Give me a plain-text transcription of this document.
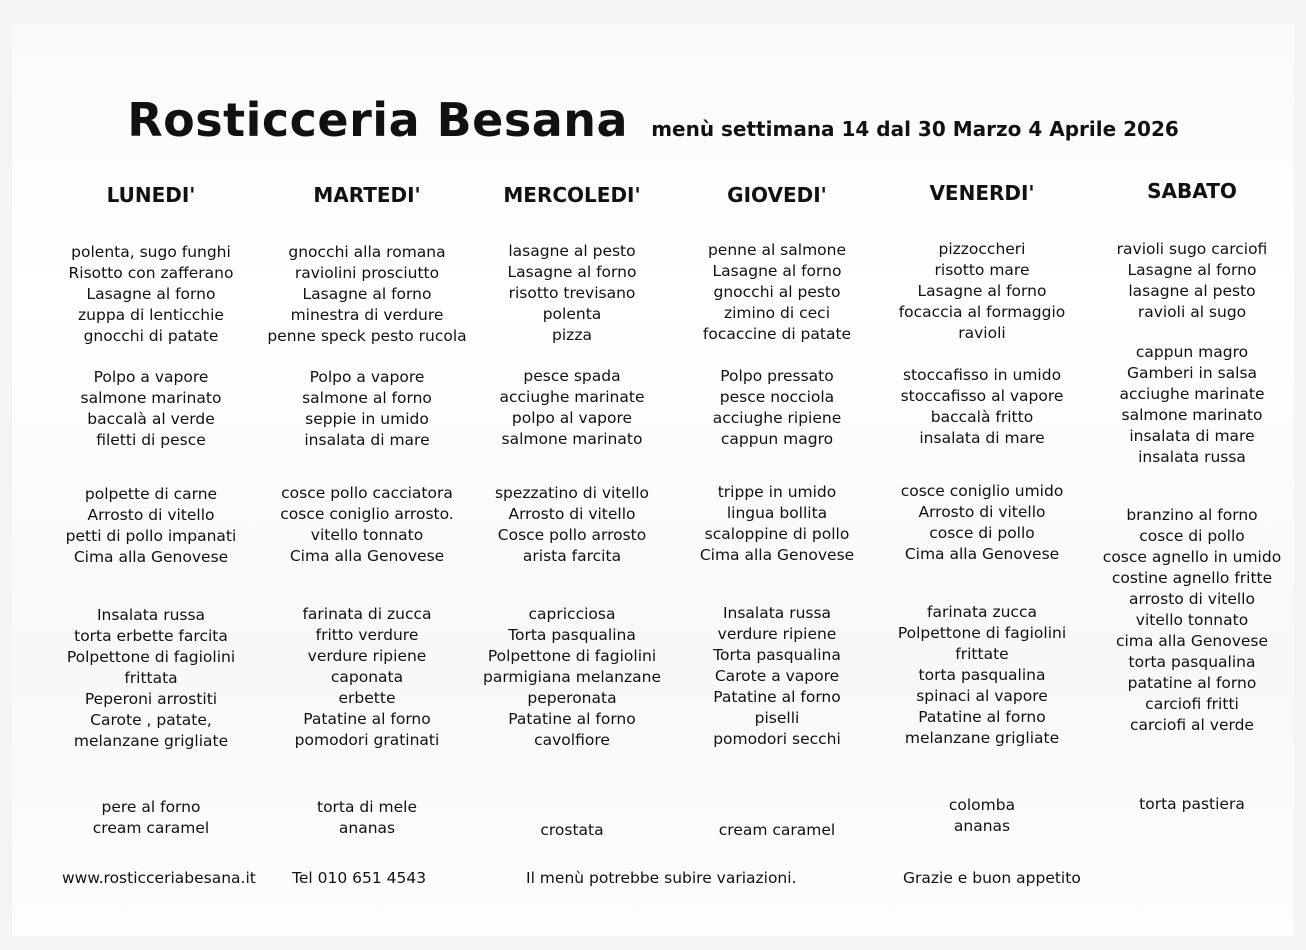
Rosticceria Besana menù settimana 14 dal 30 Marzo 4 Aprile 2026
LUNEDI'
polenta, sugo funghi
Risotto con zafferano
Lasagne al forno
zuppa di lenticchie
gnocchi di patate
Polpo a vapore
salmone marinato
baccalà al verde
filetti di pesce
polpette di carne
Arrosto di vitello
petti di pollo impanati
Cima alla Genovese
Insalata russa
torta erbette farcita
Polpettone di fagiolini
frittata
Peperoni arrostiti
Carote , patate,
melanzane grigliate
pere al forno
cream caramel
MARTEDI'
gnocchi alla romana
raviolini prosciutto
Lasagne al forno
minestra di verdure
penne speck pesto rucola
Polpo a vapore
salmone al forno
seppie in umido
insalata di mare
cosce pollo cacciatora
cosce coniglio arrosto.
vitello tonnato
Cima alla Genovese
farinata di zucca
fritto verdure
verdure ripiene
caponata
erbette
Patatine al forno
pomodori gratinati
torta di mele
ananas
MERCOLEDI'
lasagne al pesto
Lasagne al forno
risotto trevisano
polenta
pizza
pesce spada
acciughe marinate
polpo al vapore
salmone marinato
spezzatino di vitello
Arrosto di vitello
Cosce pollo arrosto
arista farcita
capricciosa
Torta pasqualina
Polpettone di fagiolini
parmigiana melanzane
peperonata
Patatine al forno
cavolfiore
crostata
GIOVEDI'
penne al salmone
Lasagne al forno
gnocchi al pesto
zimino di ceci
focaccine di patate
Polpo pressato
pesce nocciola
acciughe ripiene
cappun magro
trippe in umido
lingua bollita
scaloppine di pollo
Cima alla Genovese
Insalata russa
verdure ripiene
Torta pasqualina
Carote a vapore
Patatine al forno
piselli
pomodori secchi
cream caramel
VENERDI'
pizzoccheri
risotto mare
Lasagne al forno
focaccia al formaggio
ravioli
stoccafisso in umido
stoccafisso al vapore
baccalà fritto
insalata di mare
cosce coniglio umido
Arrosto di vitello
cosce di pollo
Cima alla Genovese
farinata zucca
Polpettone di fagiolini
frittate
torta pasqualina
spinaci al vapore
Patatine al forno
melanzane grigliate
colomba
ananas
SABATO
ravioli sugo carciofi
Lasagne al forno
lasagne al pesto
ravioli al sugo
cappun magro
Gamberi in salsa
acciughe marinate
salmone marinato
insalata di mare
insalata russa
branzino al forno
cosce di pollo
cosce agnello in umido
costine agnello fritte
arrosto di vitello
vitello tonnato
cima alla Genovese
torta pasqualina
patatine al forno
carciofi fritti
carciofi al verde
torta pastiera
www.rosticceriabesana.it Tel 010 651 4543	Il menù potrebbe subire variazioni.	Grazie e buon appetito
